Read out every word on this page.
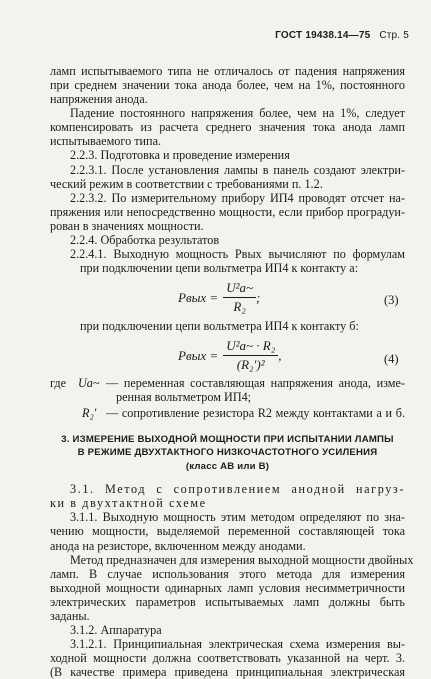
ГОСТ 19438.14—75 Стр. 5
ламп испытываемого типа не отличалось от падения напряжения
при среднем значении тока анода более, чем на 1%, постоянного
напряжения анода.
Падение постоянного напряжения более, чем на 1%, следует
компенсировать из расчета среднего значения тока анода ламп
испытываемого типа.
2.2.3. Подготовка и проведение измерения
2.2.3.1. После установления лампы в панель создают электри-
ческий режим в соответствии с требованиями п. 1.2.
2.2.3.2. По измерительному прибору ИП4 проводят отсчет на-
пряжения или непосредственно мощности, если прибор проградуи-
рован в значениях мощности.
2.2.4. Обработка результатов
2.2.4.1. Выходную мощность Pвых вычисляют по формулам
при подключении цепи вольтметра ИП4 к контакту а:
Pвых = $\frac{\text{U²а\textasciitilde{}}}{\text{R₂}}$ ;	(3)
при подключении цепи вольтметра ИП4 к контакту б:
Pвых = $\frac{\text{U²а\textasciitilde{} · R₂}}{\text{(R₂′)²}}$ ,	(4)
где Uа~ — переменная составляющая напряжения анода, изме-
ренная вольтметром ИП4;
R₂′ — сопротивление резистора R2 между контактами а и б.
3. ИЗМЕРЕНИЕ ВЫХОДНОЙ МОЩНОСТИ ПРИ ИСПЫТАНИИ ЛАМПЫ
В РЕЖИМЕ ДВУХТАКТНОГО НИЗКОЧАСТОТНОГО УСИЛЕНИЯ
(класс АВ или В)
3.1. Метод с сопротивлением анодной нагруз-
ки в двухтактной схеме
3.1.1. Выходную мощность этим методом определяют по зна-
чению мощности, выделяемой переменной составляющей тока
анода на резисторе, включенном между анодами.
Метод предназначен для измерения выходной мощности двойных
ламп. В случае использования этого метода для измерения
выходной мощности одинарных ламп условия несимметричности
электрических параметров испытываемых ламп должны быть
заданы.
3.1.2. Аппаратура
3.1.2.1. Принципиальная электрическая схема измерения вы-
ходной мощности должна соответствовать указанной на черт. 3.
(В качестве примера приведена принципиальная электрическая
